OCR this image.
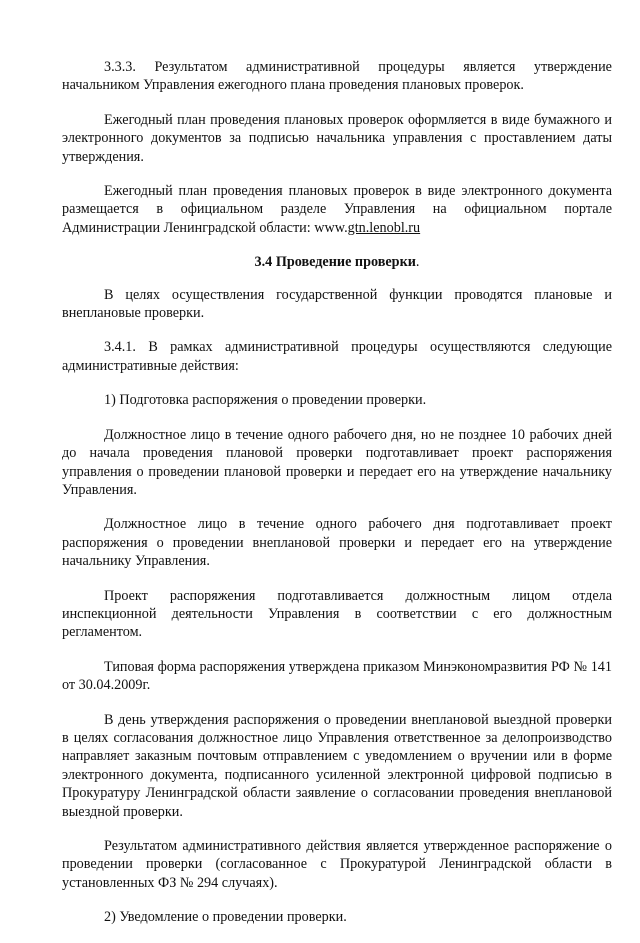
3.3.3. Результатом административной процедуры является утверждение начальником Управления ежегодного плана проведения плановых проверок.

Ежегодный план проведения плановых проверок оформляется в виде бумажного и электронного документов за подписью начальника управления с проставлением даты утверждения.

Ежегодный план проведения плановых проверок в виде электронного документа размещается в официальном разделе Управления на официальном портале Администрации Ленинградской области: www.gtn.lenobl.ru

3.4 Проведение проверки.

В целях осуществления государственной функции проводятся плановые и внеплановые проверки.

3.4.1. В рамках административной процедуры осуществляются следующие административные действия:

1) Подготовка распоряжения о проведении проверки.

Должностное лицо в течение одного рабочего дня, но не позднее 10 рабочих дней до начала проведения плановой проверки подготавливает проект распоряжения управления о проведении плановой проверки и передает его на утверждение начальнику Управления.

Должностное лицо в течение одного рабочего дня подготавливает проект распоряжения о проведении внеплановой проверки и передает его на утверждение начальнику Управления.

Проект распоряжения подготавливается должностным лицом отдела инспекционной деятельности Управления в соответствии с его должностным регламентом.

Типовая форма распоряжения утверждена приказом Минэкономразвития РФ № 141 от 30.04.2009г.

В день утверждения распоряжения о проведении внеплановой выездной проверки в целях согласования должностное лицо Управления ответственное за делопроизводство направляет заказным почтовым отправлением с уведомлением о вручении или в форме электронного документа, подписанного усиленной электронной цифровой подписью в Прокуратуру Ленинградской области заявление о согласовании проведения внеплановой выездной проверки.

Результатом административного действия является утвержденное распоряжение о проведении проверки (согласованное с Прокуратурой Ленинградской области в установленных ФЗ № 294 случаях).

2) Уведомление о проведении проверки.
